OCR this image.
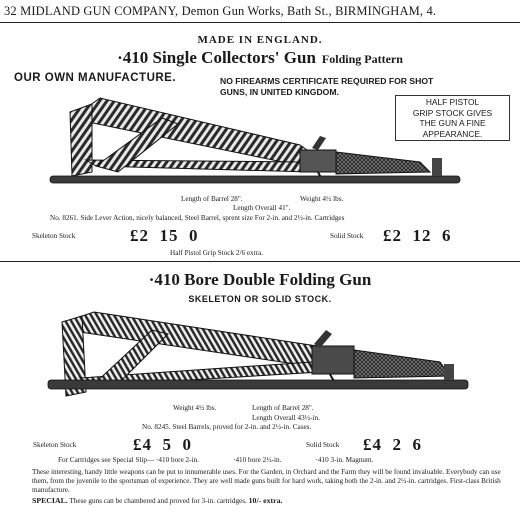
32 MIDLAND GUN COMPANY, Demon Gun Works, Bath St., BIRMINGHAM, 4.
MADE IN ENGLAND.
·410 Single Collectors' Gun Folding Pattern
OUR OWN MANUFACTURE.	NO FIREARMS CERTIFICATE REQUIRED FOR SHOT
GUNS, IN UNITED KINGDOM.
HALF PISTOL
GRIP STOCK GIVES
THE GUN A FINE
APPEARANCE.
Length of Barrel 28".	Weight 4½ lbs.
Length Overall 41".
No. 8261. Side Lever Action, nicely balanced, Steel Barrel, sprent size For 2-in. and 2½-in. Cartridges
Skeleton Stock	£2  15  0	Solid Stock £2  12  6
Half Pistol Grip Stock 2/6 extra.
·410 Bore Double Folding Gun
SKELETON OR SOLID STOCK.
Weight 4½ lbs.	Length of Barrel 28".
Length Overall 43½-in.
No. 8245. Steel Barrels, proved for 2-in. and 2½-in. Cases.
Skeleton Stock	£4  5  0	Solid Stock £4  2  6
For Cartridges see Special Slip— ·410 bore 2-in.                   ·410 bore 2½-in.                   ·410 3-in. Magnum.
These interesting, handy little weapons can be put to innumerable uses. For the Garden, in Orchard and the Farm they will be found invaluable. Everybody can use them, from the juvenile to the sportsman of experience. They are well made guns built for hard work, taking both the 2-in. and 2½-in. cartridges. First-class British manufacture.
SPECIAL. These guns can be chambered and proved for 3-in. cartridges. 10/- extra.
